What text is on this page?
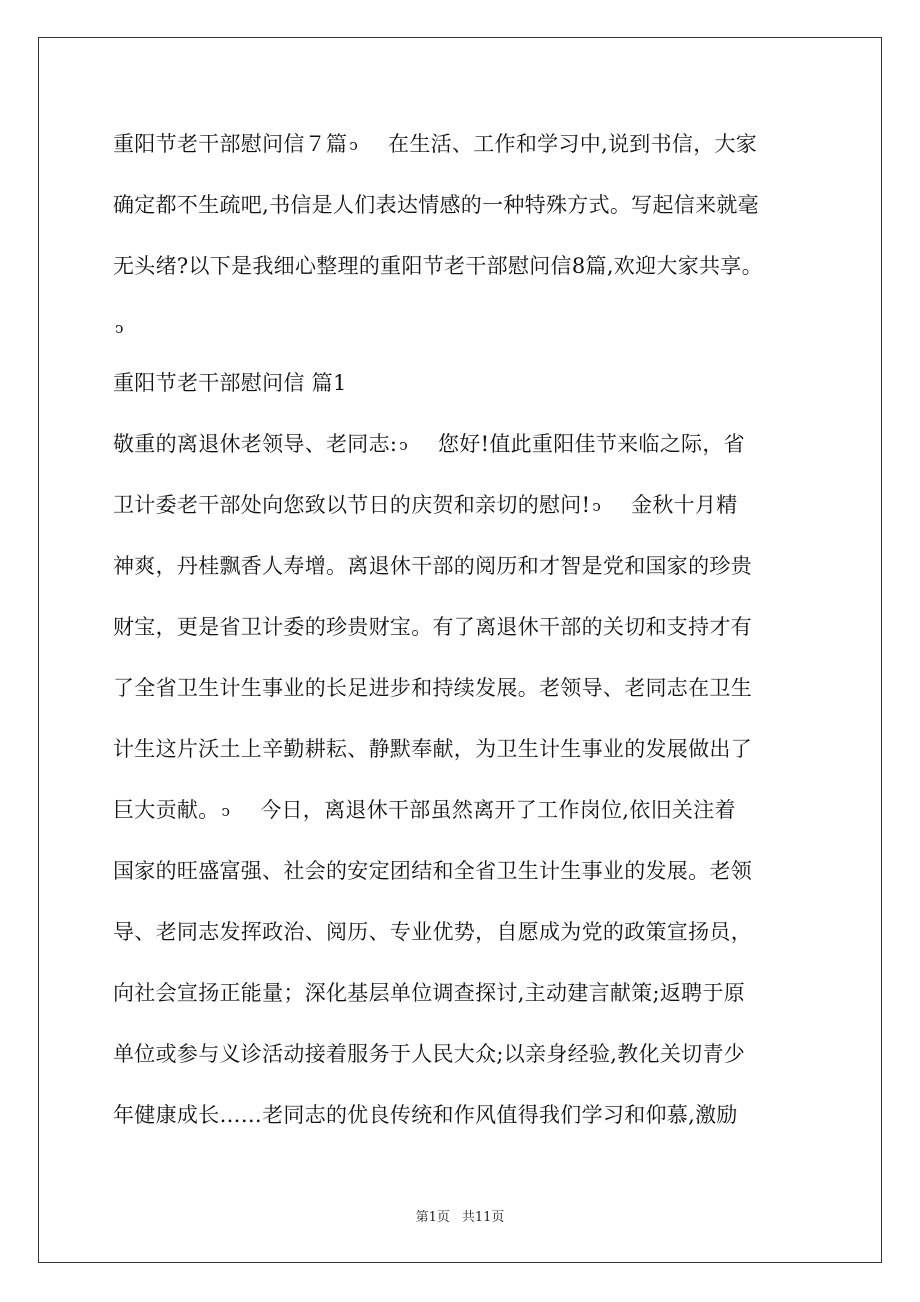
重阳节老干部慰问信７篇 ↄ 在生活、工作和学习中,说到书信，大家
确定都不生疏吧,书信是人们表达情感的一种特殊方式。写起信来就毫
无头绪?以下是我细心整理的重阳节老干部慰问信8篇,欢迎大家共享。
ↄ
重阳节老干部慰问信 篇1
敬重的离退休老领导、老同志: ↄ 您好!值此重阳佳节来临之际，省
卫计委老干部处向您致以节日的庆贺和亲切的慰问! ↄ 金秋十月精
神爽，丹桂飘香人寿增。离退休干部的阅历和才智是党和国家的珍贵
财宝，更是省卫计委的珍贵财宝。有了离退休干部的关切和支持才有
了全省卫生计生事业的长足进步和持续发展。老领导、老同志在卫生
计生这片沃土上辛勤耕耘、静默奉献，为卫生计生事业的发展做出了
巨大贡献。 ↄ 今日，离退休干部虽然离开了工作岗位,依旧关注着
国家的旺盛富强、社会的安定团结和全省卫生计生事业的发展。老领
导、老同志发挥政治、阅历、专业优势，自愿成为党的政策宣扬员，
向社会宣扬正能量；深化基层单位调查探讨,主动建言献策;返聘于原
单位或参与义诊活动接着服务于人民大众;以亲身经验,教化关切青少
年健康成长……老同志的优良传统和作风值得我们学习和仰慕,激励
第1页 共11页
